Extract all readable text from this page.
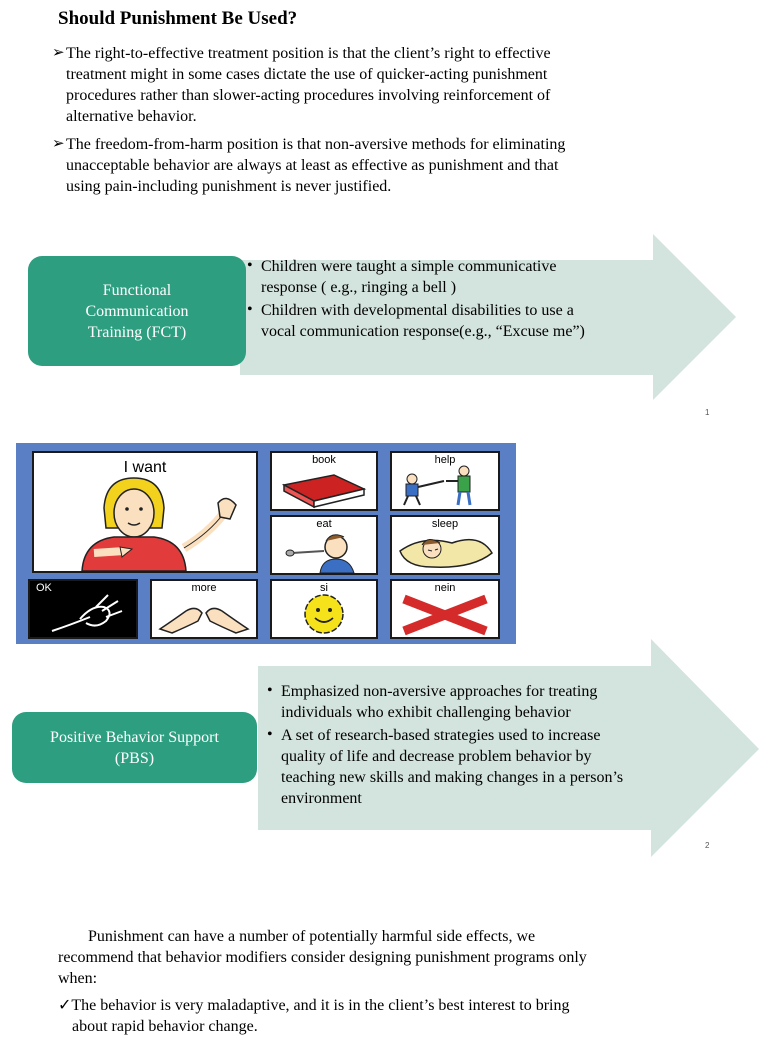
Should Punishment Be Used?
➢ The right-to-effective treatment position is that the client’s right to effective
treatment might in some cases dictate the use of quicker-acting punishment
procedures rather than slower-acting procedures involving reinforcement of
alternative behavior.
➢ The freedom-from-harm position is that non-aversive methods for eliminating
unacceptable behavior are always at least as effective as punishment and that
using pain-including punishment is never justified.
Functional
Communication
Training (FCT)
• Children were taught a simple communicative
response ( e.g., ringing a bell )
• Children with developmental disabilities to use a
vocal communication response(e.g., “Excuse me”)
1
I want	book	help
eat	sleep
OK	more	si	nein
Positive Behavior Support
(PBS)
• Emphasized non-aversive approaches for treating
individuals who exhibit challenging behavior
• A set of research-based strategies used to increase
quality of life and decrease problem behavior by
teaching new skills and making changes in a person’s
environment
2
Punishment can have a number of potentially harmful side effects, we
recommend that behavior modifiers consider designing punishment programs only
when:
✓The behavior is very maladaptive, and it is in the client’s best interest to bring
about rapid behavior change.
